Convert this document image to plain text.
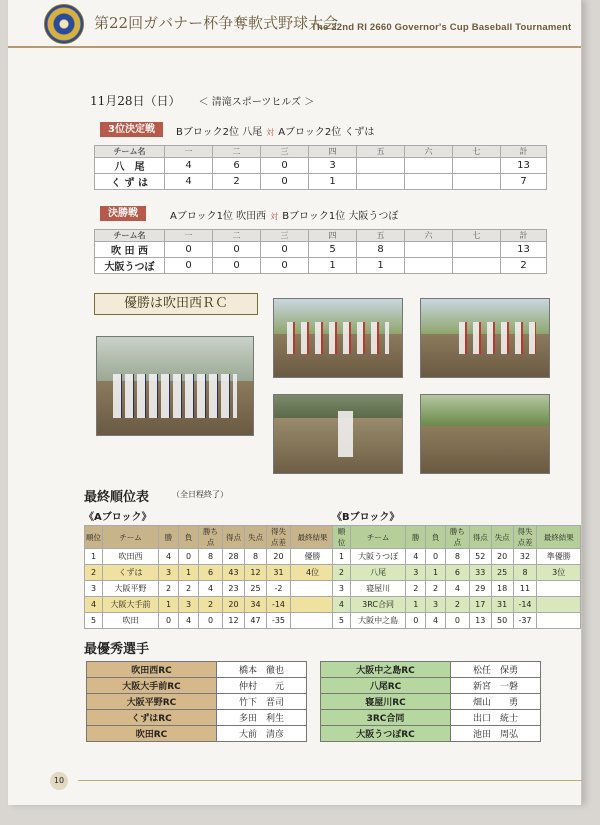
第22回ガバナー杯争奪軟式野球大会
The 22nd RI 2660 Governor's Cup Baseball Tournament
11月28日（日） ＜ 清滝スポーツヒルズ ＞
3位決定戦	Bブロック2位 八尾 対 Aブロック2位 くずは
チーム名	一	二	三	四	五	六	七	計
八　尾	4	6	0	3				13
く ず は	4	2	0	1				7
決勝戦	Aブロック1位 吹田西 対 Bブロック1位 大阪うつぼ
チーム名	一	二	三	四	五	六	七	計
吹 田 西	0	0	0	5	8			13
大阪うつぼ	0	0	0	1	1			2
優勝は吹田西ＲＣ
最終順位表	（全日程終了）
《Aブロック》	《Bブロック》
順位	チーム	勝	負	勝ち点	得点	失点	得失点差	最終結果
1	吹田西	4	0	8	28	8	20	優勝
2	くずは	3	1	6	43	12	31	4位
3	大阪平野	2	2	4	23	25	-2	
4	大阪大手前	1	3	2	20	34	-14	
5	吹田	0	4	0	12	47	-35	
順位	チーム	勝	負	勝ち点	得点	失点	得失点差	最終結果
1	大阪うつぼ	4	0	8	52	20	32	準優勝
2	八尾	3	1	6	33	25	8	3位
3	寝屋川	2	2	4	29	18	11	
4	3RC合同	1	3	2	17	31	-14	
5	大阪中之島	0	4	0	13	50	-37	
最優秀選手
吹田西RC	橋本　徹也
大阪大手前RC	仲村　　元
大阪平野RC	竹下　晋司
くずはRC	多田　利生
吹田RC	大前　清彦
大阪中之島RC	松任　保勇
八尾RC	新宮　一磐
寝屋川RC	畑山　　勇
3RC合同	出口　統士
大阪うつぼRC	池田　周弘
10
